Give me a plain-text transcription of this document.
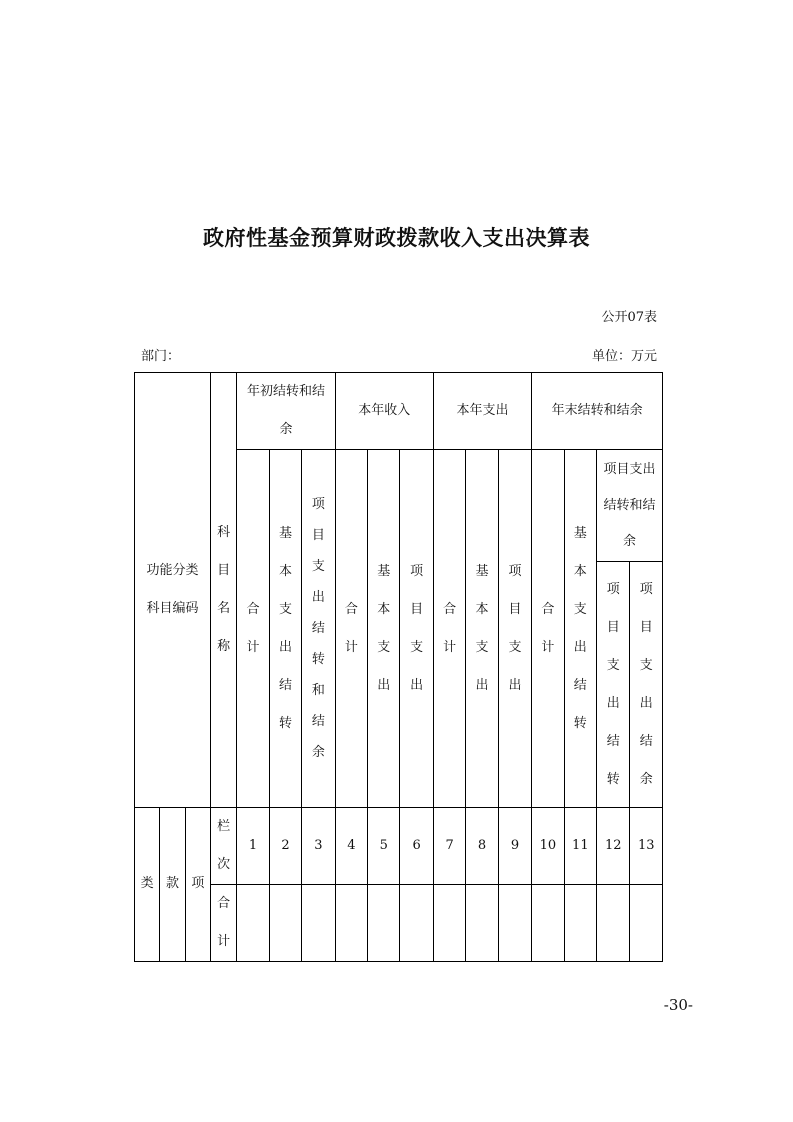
政府性基金预算财政拨款收入支出决算表
公开07表
部门：	单位：万元
功能分类科目编码			科目名称	年初结转和结余			本年收入			本年支出			年末结转和结余			

				合计	基本支出结转	项目支出结转和结余	合计	基本支出	项目支出	合计	基本支出	项目支出	合计	基本支出结转	项目支出结转和结余	

															项目支出结转	项目支出结余

类	款	项	栏次	1	2	3	4	5	6	7	8	9	10	11	12	13

			合计													

-30-
